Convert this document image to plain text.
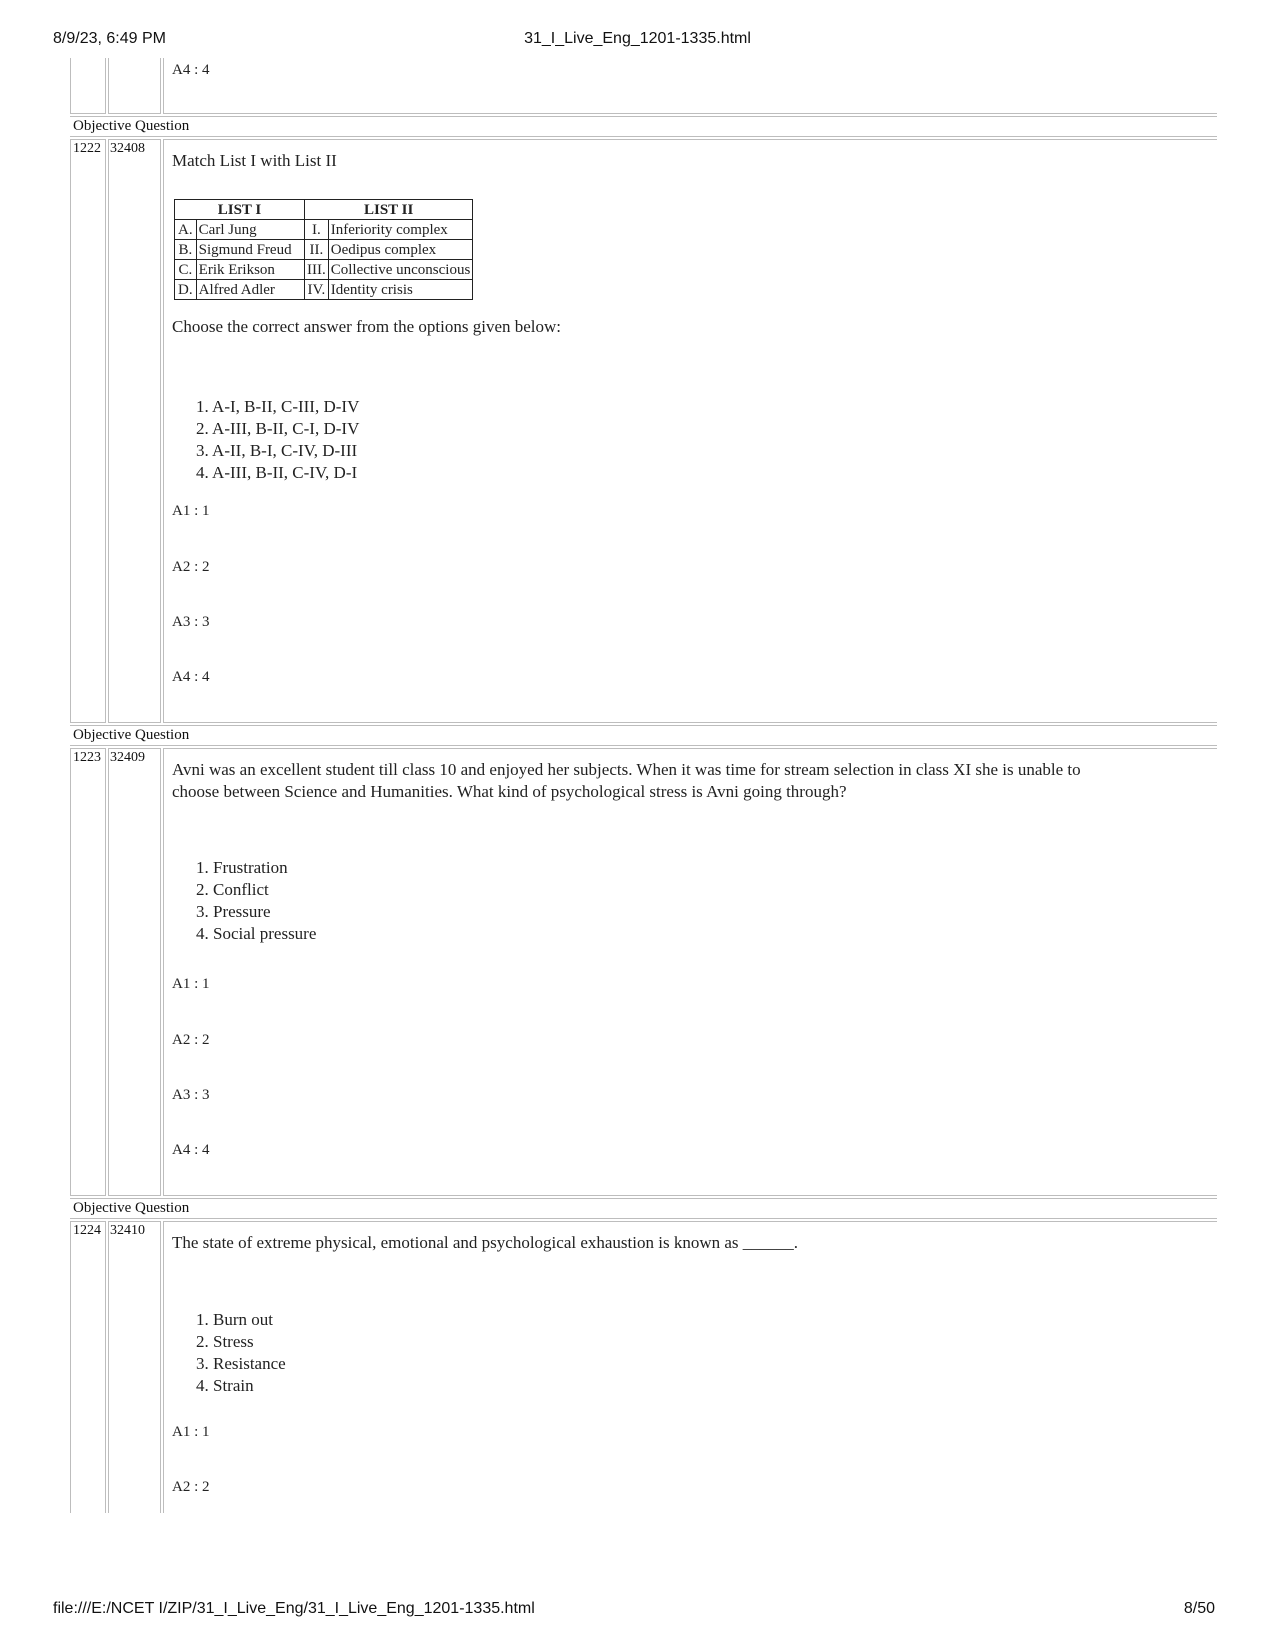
8/9/23, 6:49 PM	31_I_Live_Eng_1201-1335.html
A4 : 4
Objective Question
1222 32408
Match List I with List II
LIST I		LIST II	
A.	Carl Jung	I.	Inferiority complex
B.	Sigmund Freud	II.	Oedipus complex
C.	Erik Erikson	III.	Collective unconscious
D.	Alfred Adler	IV.	Identity crisis
Choose the correct answer from the options given below:
1. A-I, B-II, C-III, D-IV
2. A-III, B-II, C-I, D-IV
3. A-II, B-I, C-IV, D-III
4. A-III, B-II, C-IV, D-I
A1 : 1
A2 : 2
A3 : 3
A4 : 4
Objective Question
1223 32409
Avni was an excellent student till class 10 and enjoyed her subjects. When it was time for stream selection in class XI she is unable to
choose between Science and Humanities. What kind of psychological stress is Avni going through?
1. Frustration
2. Conflict
3. Pressure
4. Social pressure
A1 : 1
A2 : 2
A3 : 3
A4 : 4
Objective Question
1224 32410
The state of extreme physical, emotional and psychological exhaustion is known as ______.
1. Burn out
2. Stress
3. Resistance
4. Strain
A1 : 1
A2 : 2
file:///E:/NCET I/ZIP/31_I_Live_Eng/31_I_Live_Eng_1201-1335.html	8/50
